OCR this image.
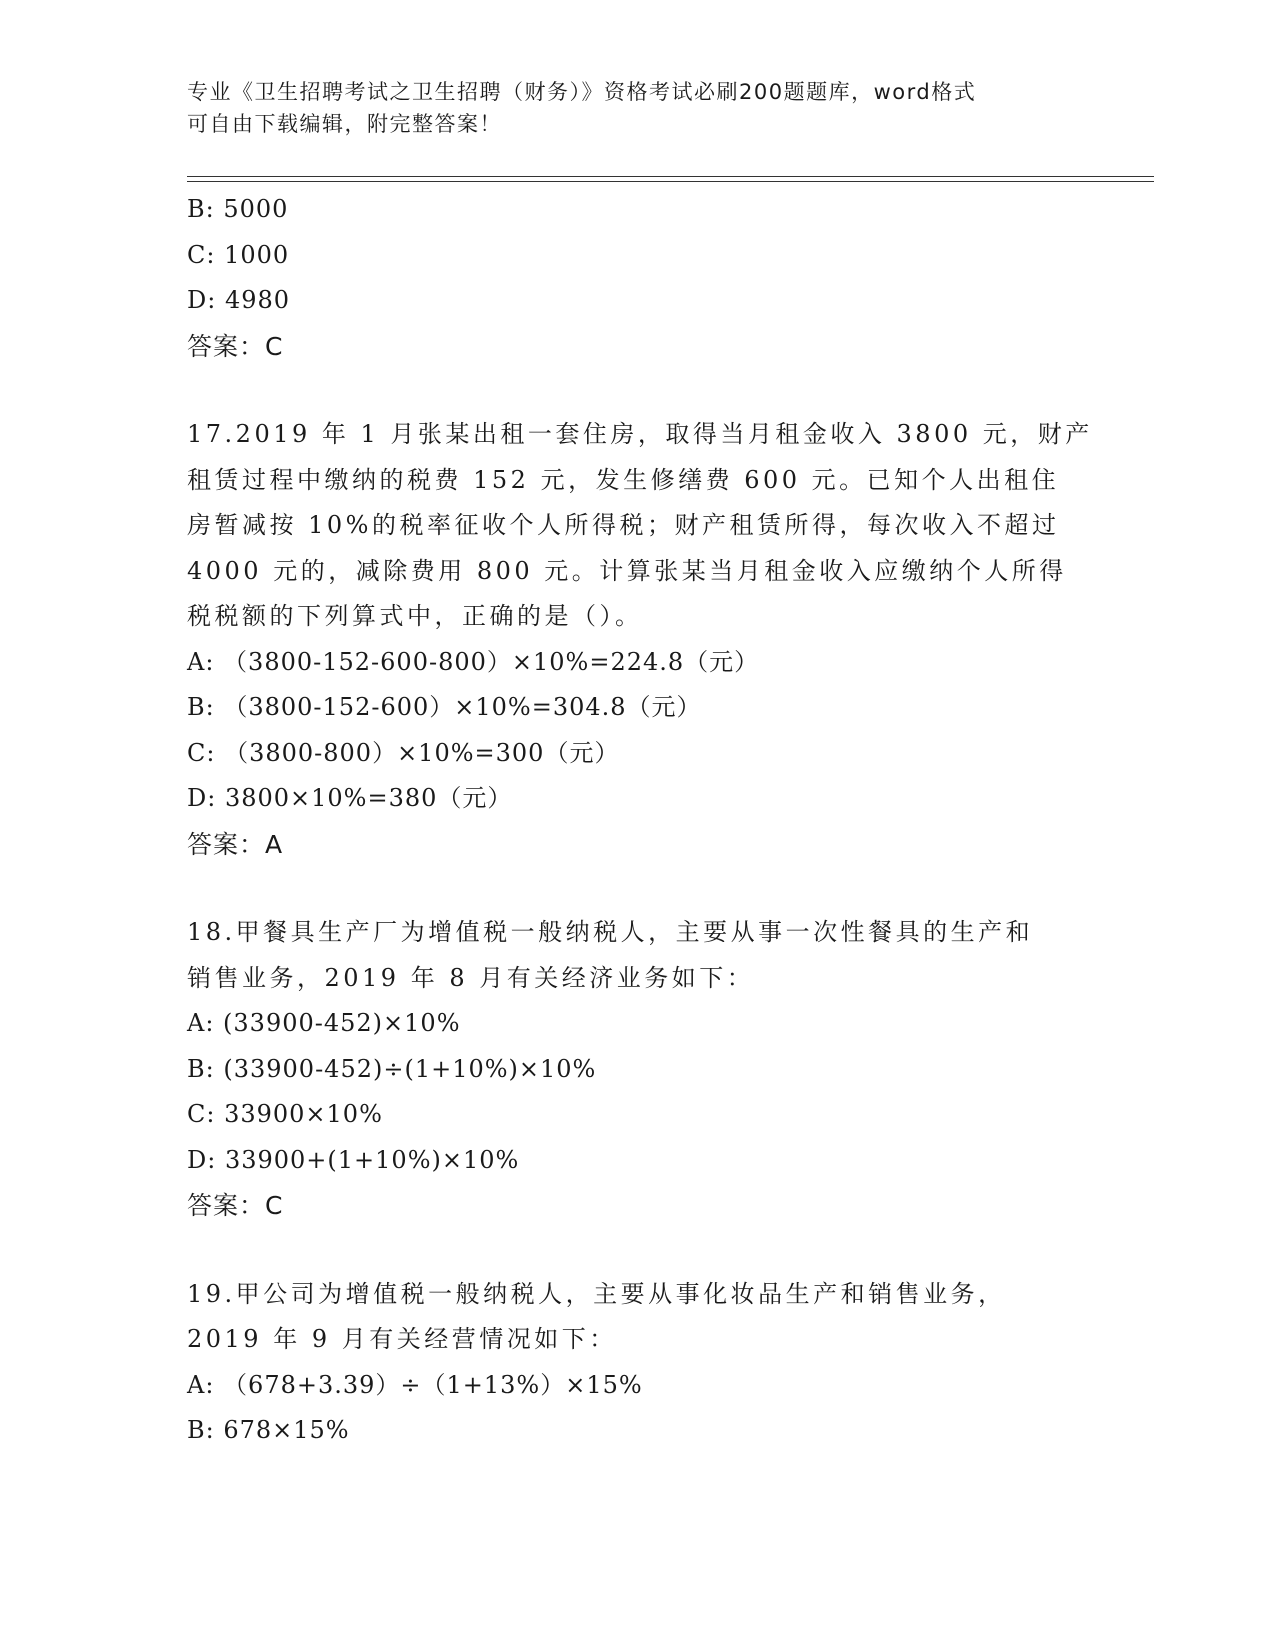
专业《卫生招聘考试之卫生招聘（财务）》资格考试必刷200题题库，word格式
可自由下载编辑，附完整答案！
B: 5000
C: 1000
D: 4980
答案：C
17.2019 年 1 月张某出租一套住房，取得当月租金收入 3800 元，财产
租赁过程中缴纳的税费 152 元，发生修缮费 600 元。已知个人出租住
房暂减按 10%的税率征收个人所得税；财产租赁所得，每次收入不超过
4000 元的，减除费用 800 元。计算张某当月租金收入应缴纳个人所得
税税额的下列算式中，正确的是（）。
A: （3800-152-600-800）×10%=224.8（元）
B: （3800-152-600）×10%=304.8（元）
C: （3800-800）×10%=300（元）
D: 3800×10%=380（元）
答案：A
18.甲餐具生产厂为增值税一般纳税人，主要从事一次性餐具的生产和
销售业务，2019 年 8 月有关经济业务如下：
A: (33900-452)×10%
B: (33900-452)÷(1+10%)×10%
C: 33900×10%
D: 33900+(1+10%)×10%
答案：C
19.甲公司为增值税一般纳税人，主要从事化妆品生产和销售业务，
2019 年 9 月有关经营情况如下：
A: （678+3.39）÷（1+13%）×15%
B: 678×15%
